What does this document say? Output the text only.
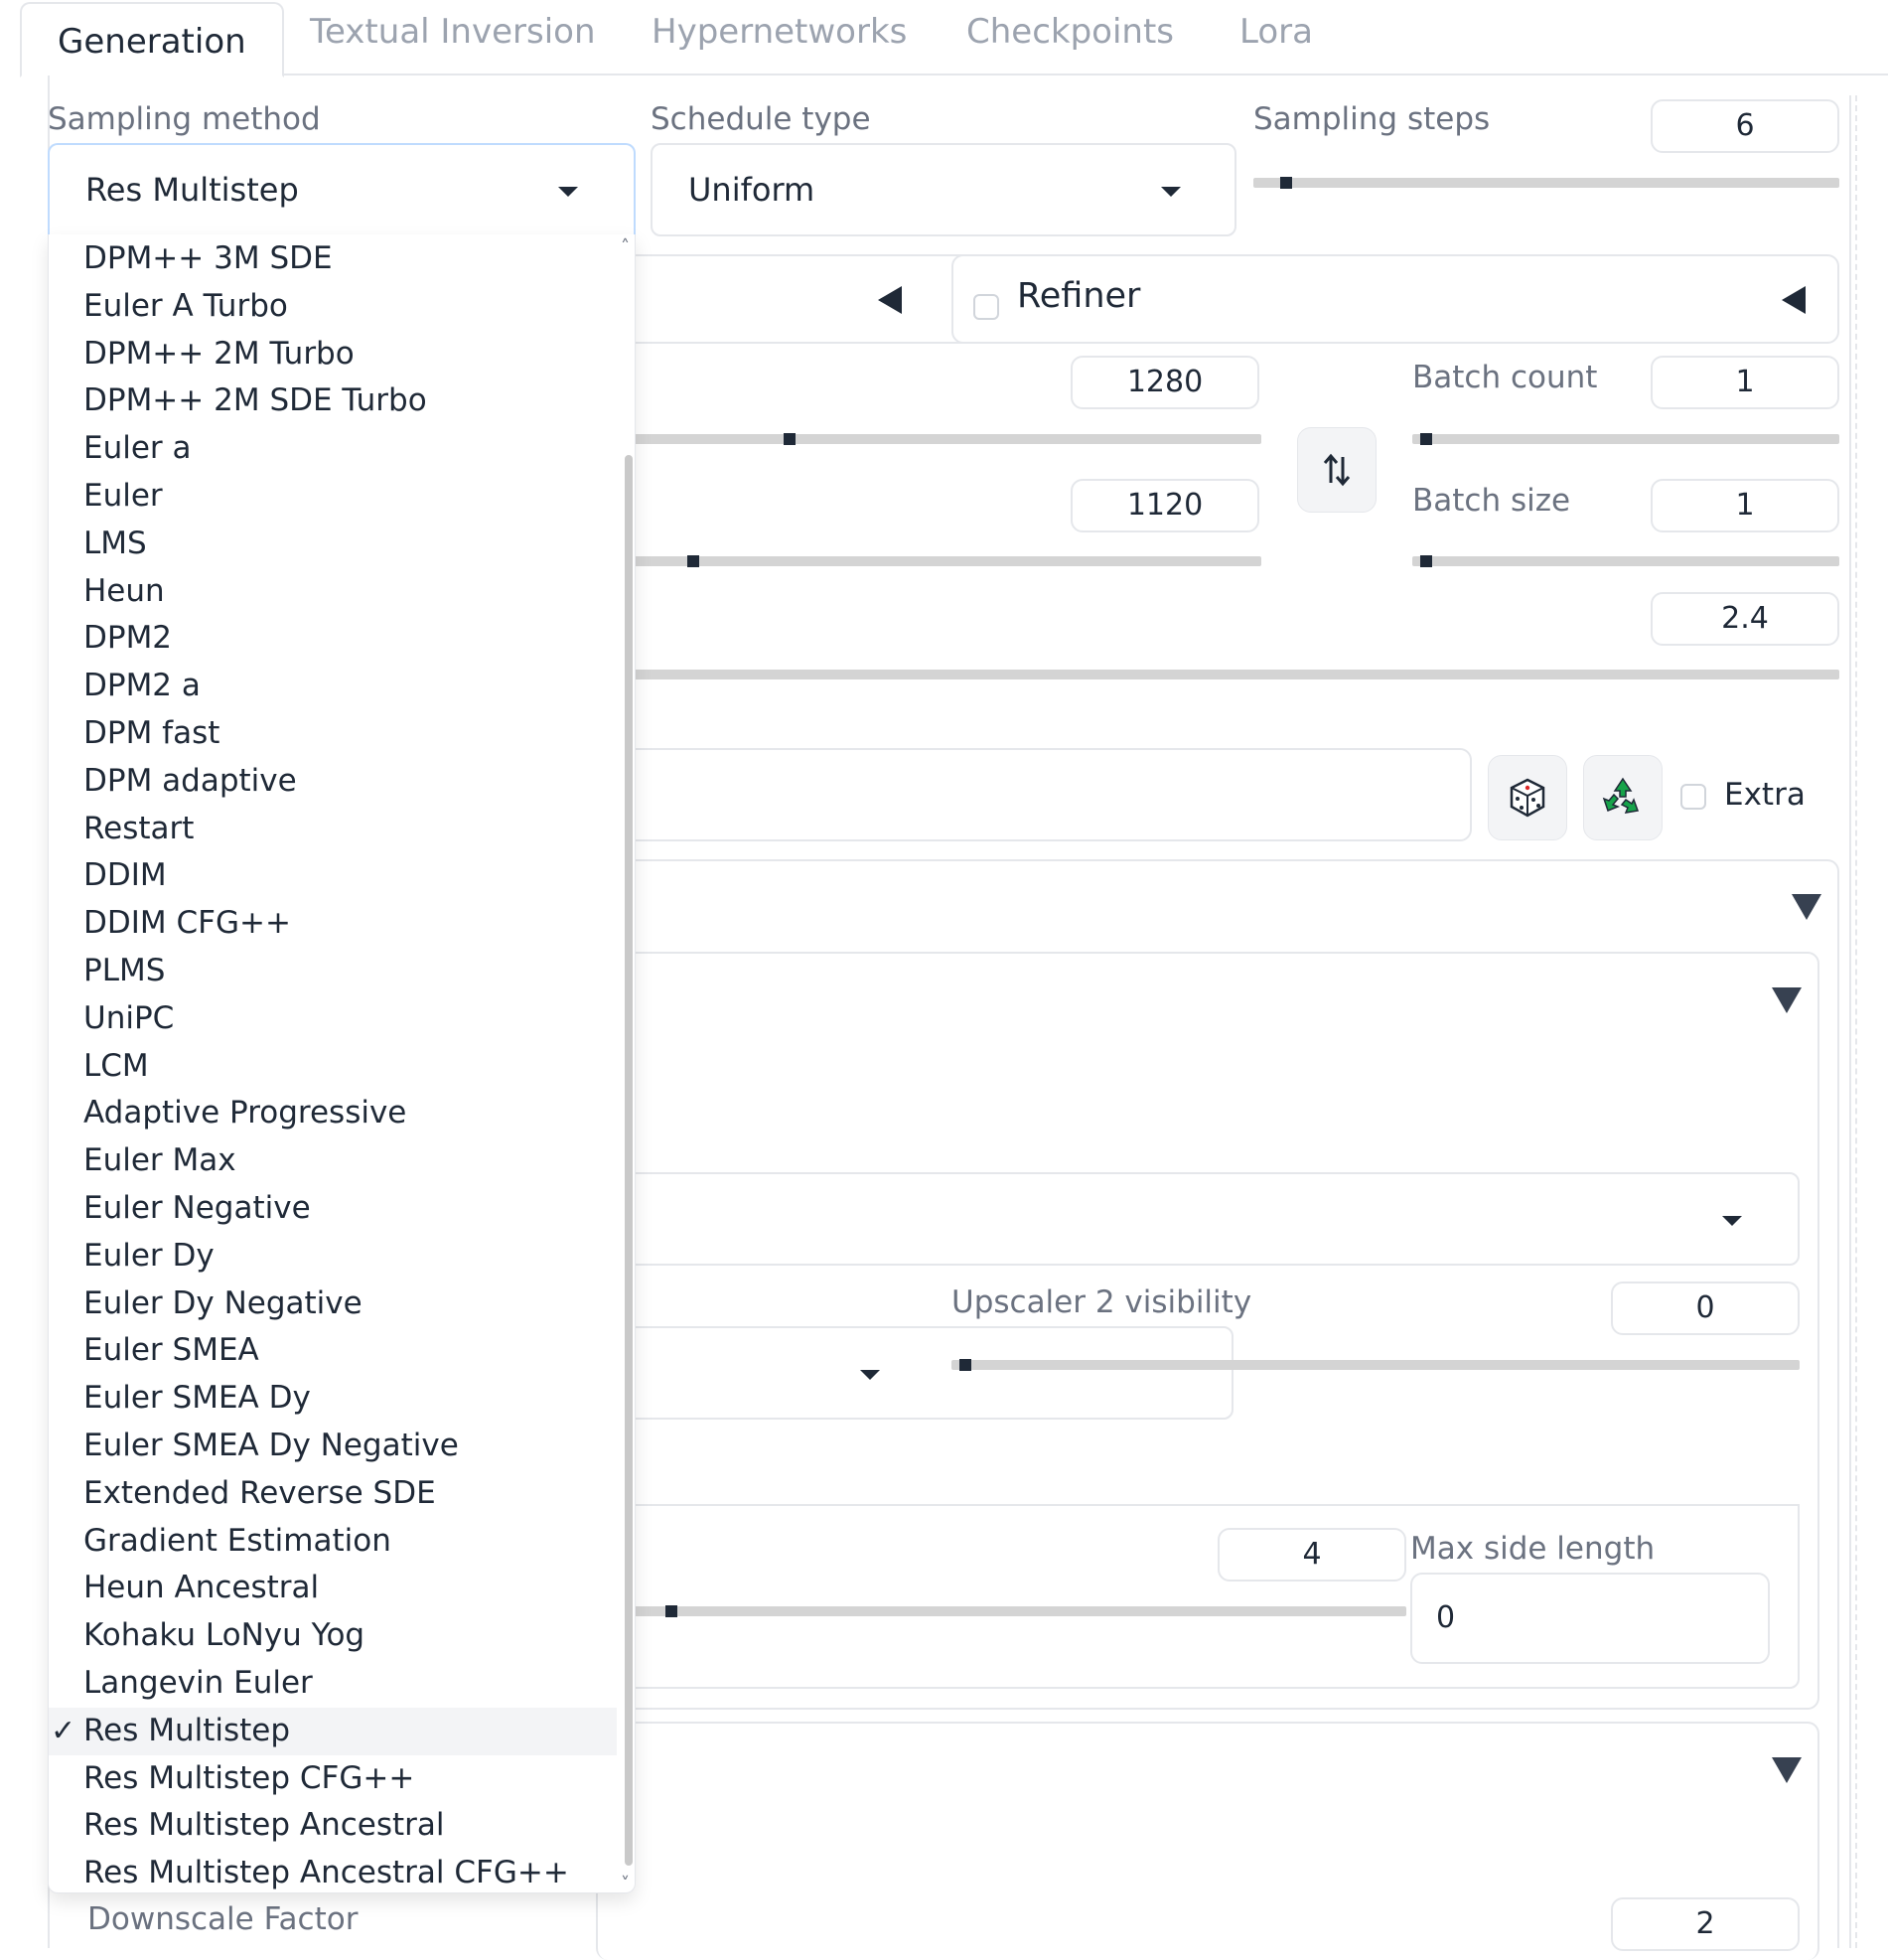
Generation	Textual Inversion Hypernetworks Checkpoints Lora
Sampling method
Res Multistep
Schedule type
Uniform
Sampling steps	6
Refiner
1280
1120
Batch count	1
Batch size	1
2.4
Extra
Upscaler 2 visibility	0
4	Max side length
0
Downscale Factor	2
˄
˅
DPM++ 3M SDE
Euler A Turbo
DPM++ 2M Turbo
DPM++ 2M SDE Turbo
Euler a
Euler
LMS
Heun
DPM2
DPM2 a
DPM fast
DPM adaptive
Restart
DDIM
DDIM CFG++
PLMS
UniPC
LCM
Adaptive Progressive
Euler Max
Euler Negative
Euler Dy
Euler Dy Negative
Euler SMEA
Euler SMEA Dy
Euler SMEA Dy Negative
Extended Reverse SDE
Gradient Estimation
Heun Ancestral
Kohaku LoNyu Yog
Langevin Euler
✓ Res Multistep
Res Multistep CFG++
Res Multistep Ancestral
Res Multistep Ancestral CFG++
